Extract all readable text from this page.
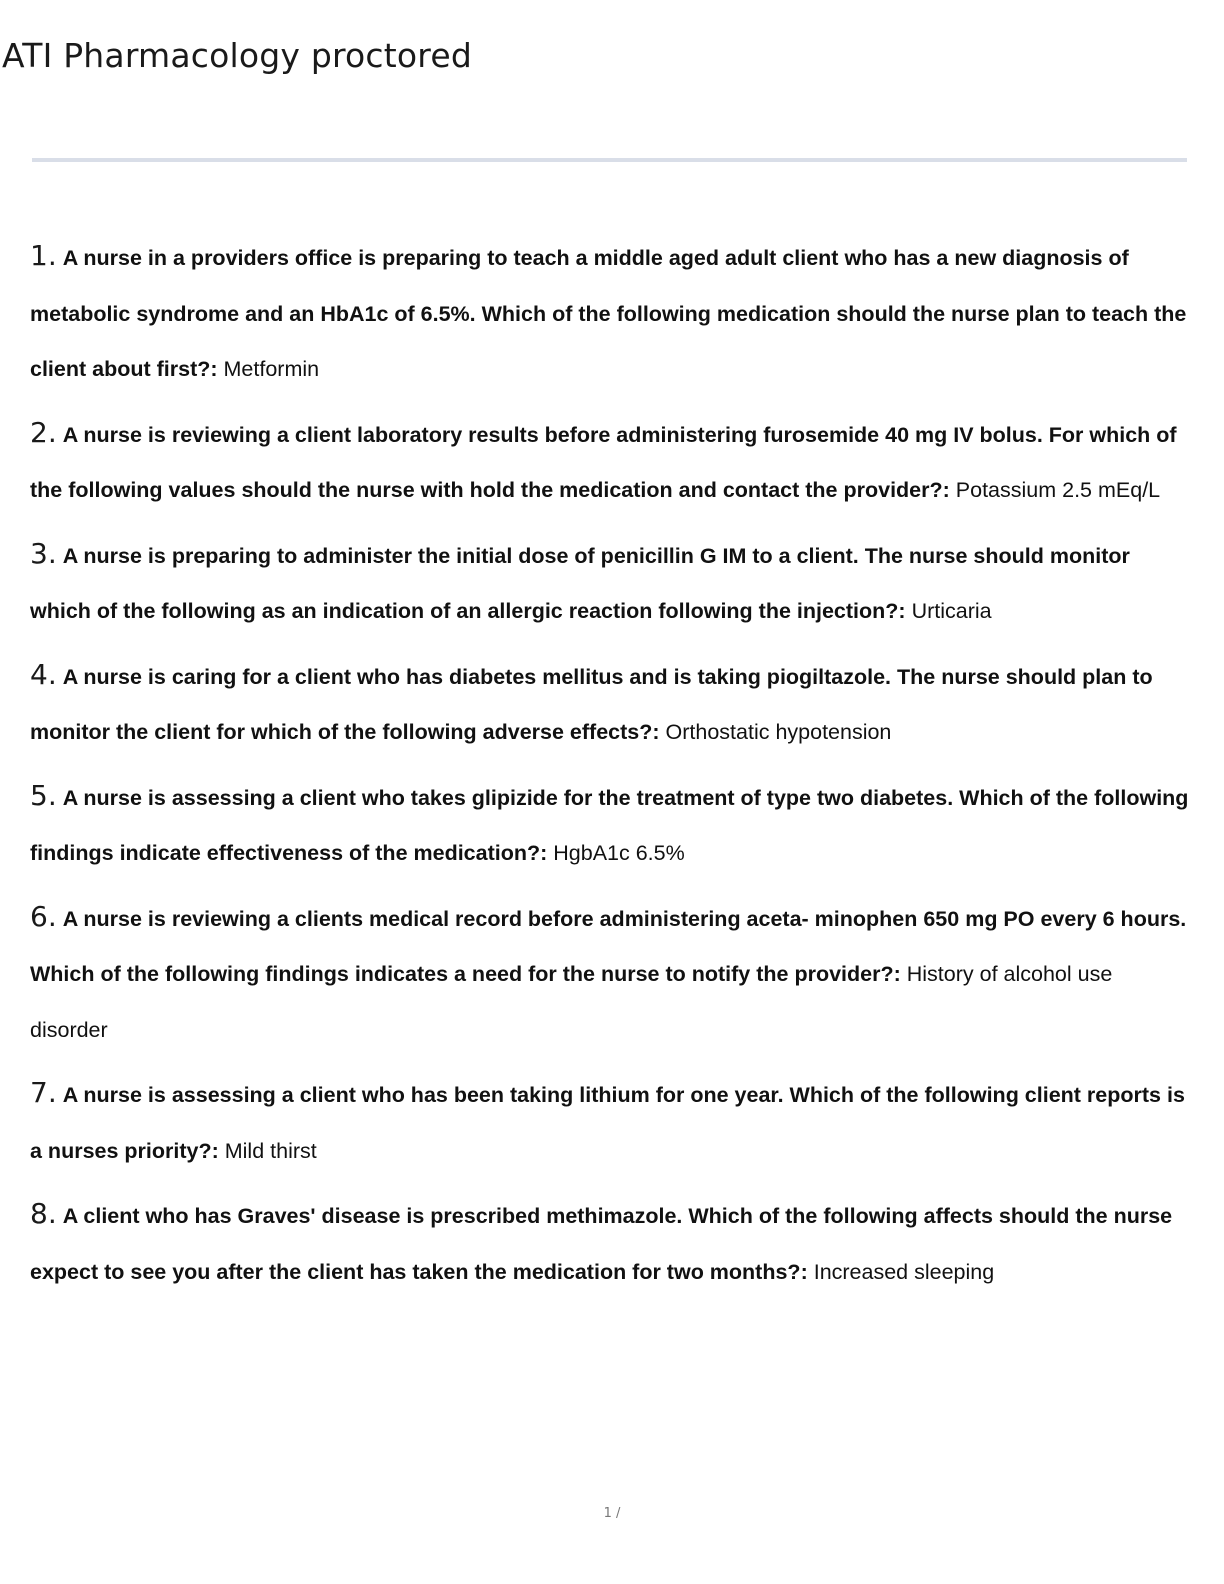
ATI Pharmacology proctored
1. A nurse in a providers office is preparing to teach a middle aged adult client who has a new diagnosis of metabolic syndrome and an HbA1c of 6.5%. Which of the following medication should the nurse plan to teach the client about first?: Metformin
2. A nurse is reviewing a client laboratory results before administering furosemide 40 mg IV bolus. For which of the following values should the nurse with hold the medication and contact the provider?: Potassium 2.5 mEq/L
3. A nurse is preparing to administer the initial dose of penicillin G IM to a client. The nurse should monitor which of the following as an indication of an allergic reaction following the injection?: Urticaria
4. A nurse is caring for a client who has diabetes mellitus and is taking piogiltazole. The nurse should plan to monitor the client for which of the following adverse effects?: Orthostatic hypotension
5. A nurse is assessing a client who takes glipizide for the treatment of type two diabetes. Which of the following findings indicate effectiveness of the medication?: HgbA1c 6.5%
6. A nurse is reviewing a clients medical record before administering aceta- minophen 650 mg PO every 6 hours. Which of the following findings indicates a need for the nurse to notify the provider?: History of alcohol use disorder
7. A nurse is assessing a client who has been taking lithium for one year. Which of the following client reports is a nurses priority?: Mild thirst
8. A client who has Graves' disease is prescribed methimazole. Which of the following affects should the nurse expect to see you after the client has taken the medication for two months?: Increased sleeping
1 /
